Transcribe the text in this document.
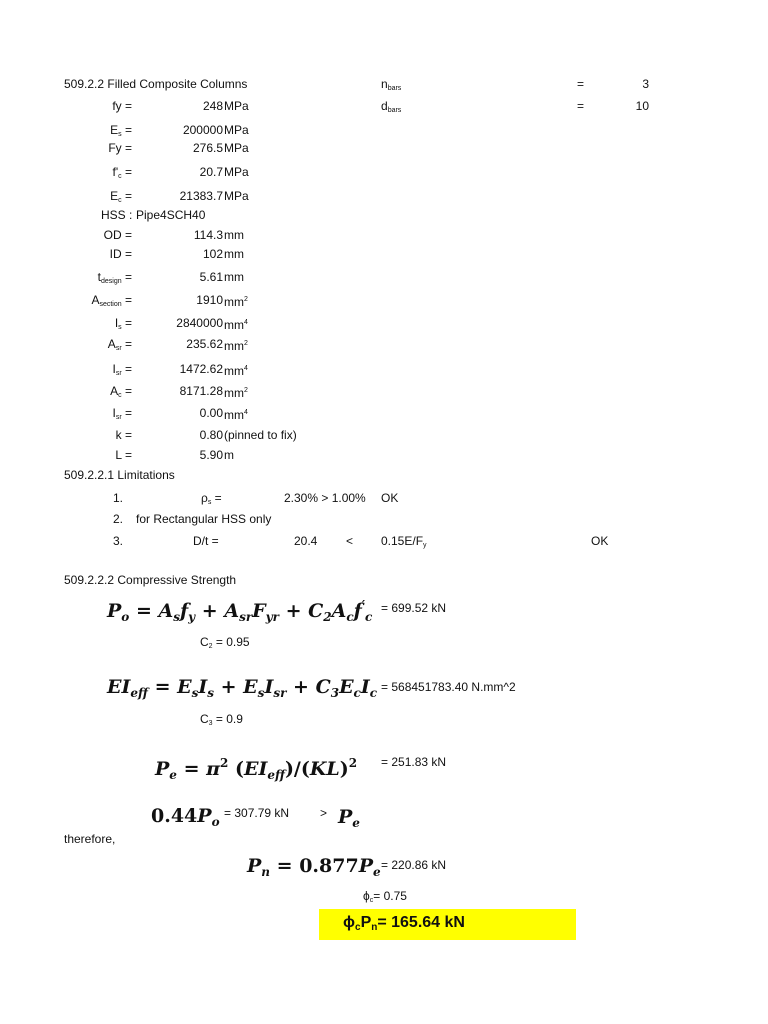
509.2.2 Filled Composite Columns	$n_{bars}$	=	3
$d_{bars}$	=	10
fy =	248 MPa
$E_s$ =	200000 MPa
Fy =	276.5 MPa
$f'_c$ =	20.7 MPa
$E_c$ =	21383.7 MPa
OD =	114.3 mm
ID =	102 mm
$t_{design}$ =	5.61 mm
$A_{section}$ =	1910 $mm^2$
$I_s$ =	2840000 $mm^4$
$A_{sr}$ =	235.62 $mm^2$
$I_{sr}$ =	1472.62 $mm^4$
$A_c$ =	8171.28 $mm^2$
$I_{sr}$ =	0.00 $mm^4$
k =	0.80 (pinned to fix)
L =	5.90 m
HSS : Pipe4SCH40
509.2.2.1 Limitations
1.	$\rho_s$ =	2.30% > 1.00% OK
2. for Rectangular HSS only
3.	D/t =	$20.4 < 0.15E/F_y$	OK
509.2.2.2 Compressive Strength
$P_o = A_sf_y + A_{sr}F_{yr} + C_2A_cf'_c$
= 699.52 kN
$C_2 = 0.95$
$EI_{eff} = E_sI_s + E_sI_{sr} + C_3E_cI_c = 568451783.40$ N.mm^2
$C_3 = 0.9$
$P_e = \pi^2$ $(EI_{eff})/(KL)^2 = 251.83$ kN
$0.44P_o$
= 307.79 kN	> $P_e$
therefore,
$P_n = 0.877P_e = 220.86$ kN
$\phi_c= 0.75$
$\phi_cP_n= 165.64$ kN
